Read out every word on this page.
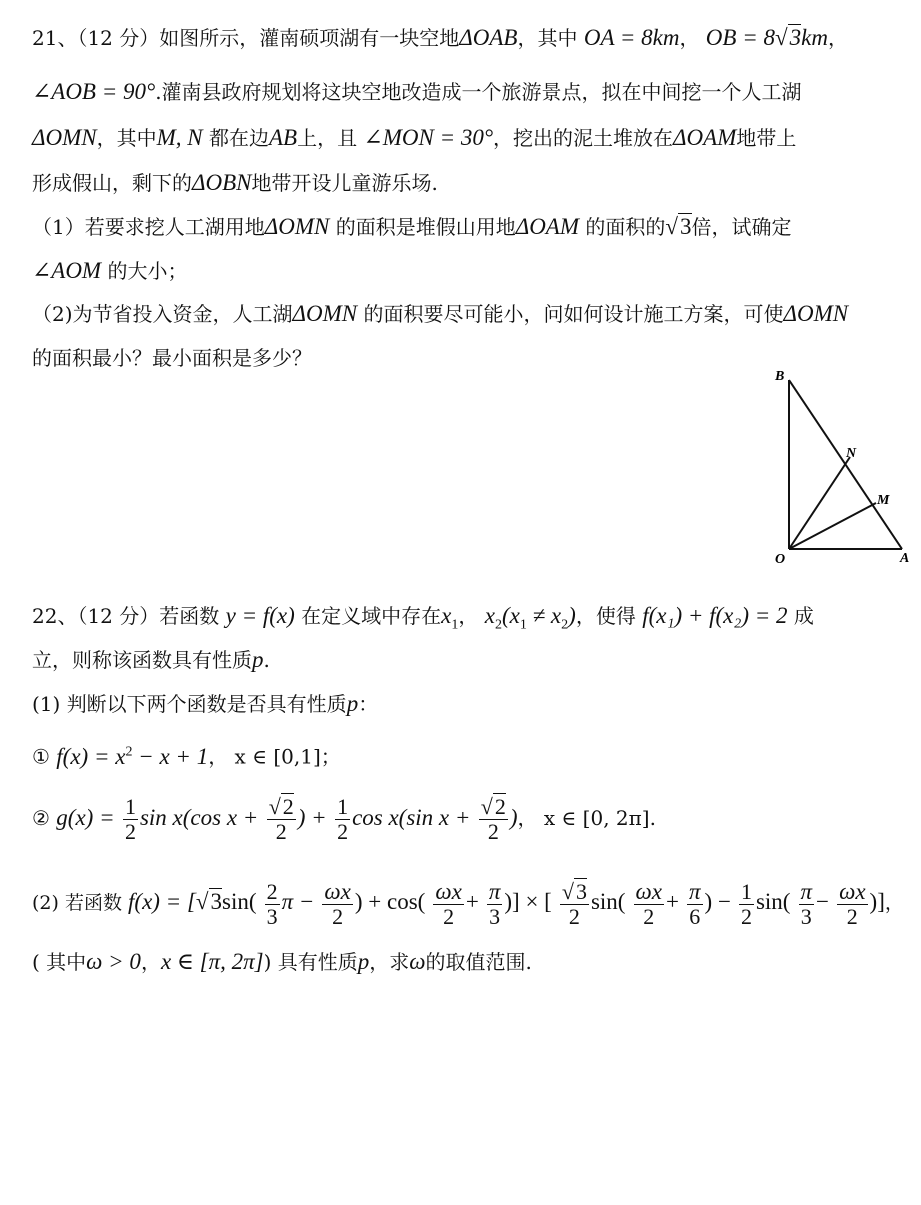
21、（12 分）如图所示，灌南硕项湖有一块空地ΔOAB，其中 OA = 8km， OB = 8√3km，
∠AOB = 90°.灌南县政府规划将这块空地改造成一个旅游景点，拟在中间挖一个人工湖
ΔOMN，其中M, N 都在边AB上，且 ∠MON = 30°，挖出的泥土堆放在ΔOAM地带上
形成假山，剩下的ΔOBN地带开设儿童游乐场.
（1）若要求挖人工湖用地ΔOMN 的面积是堆假山用地ΔOAM 的面积的√3倍，试确定
∠AOM 的大小；
（2)为节省投入资金，人工湖ΔOMN 的面积要尽可能小，问如何设计施工方案，可使ΔOMN
的面积最小？最小面积是多少？
B
N
M
O	A
22、（12 分）若函数 y = f(x) 在定义域中存在$x_1$， $x_2(x_1 \ne x_2)$，使得 f(x₁) + f(x₂) = 2 成
立，则称该函数具有性质p.
(1) 判断以下两个函数是否具有性质p：
① $f(x) = x^2 - x + 1$， x ∈ [0,1]；
② $g(x) = \frac{1}{2}$ sin x(cos $x + \frac{√2}{2}$ ) + $\frac{1}{2}$ cos x(sin $x + \frac{√2}{2}$ )， x ∈ [0, 2π].
(2) 若函数 $f(x) = [√3\sin( \frac{2}{3}$ $\pi - \frac{\omega x}{2}$ ) + $\cos( \frac{\omega x}{2} + \frac{\pi}{3}$ )] × [ $\frac{√3}{2} \sin( \frac{\omega x}{2} + \frac{\pi}{6}$ ) − $\frac{1}{2} \sin( \frac{\pi}{3} - \frac{\omega x}{2}$ )]，
( 其中ω > 0，x ∈ [π, 2π]) 具有性质p，求ω的取值范围.
